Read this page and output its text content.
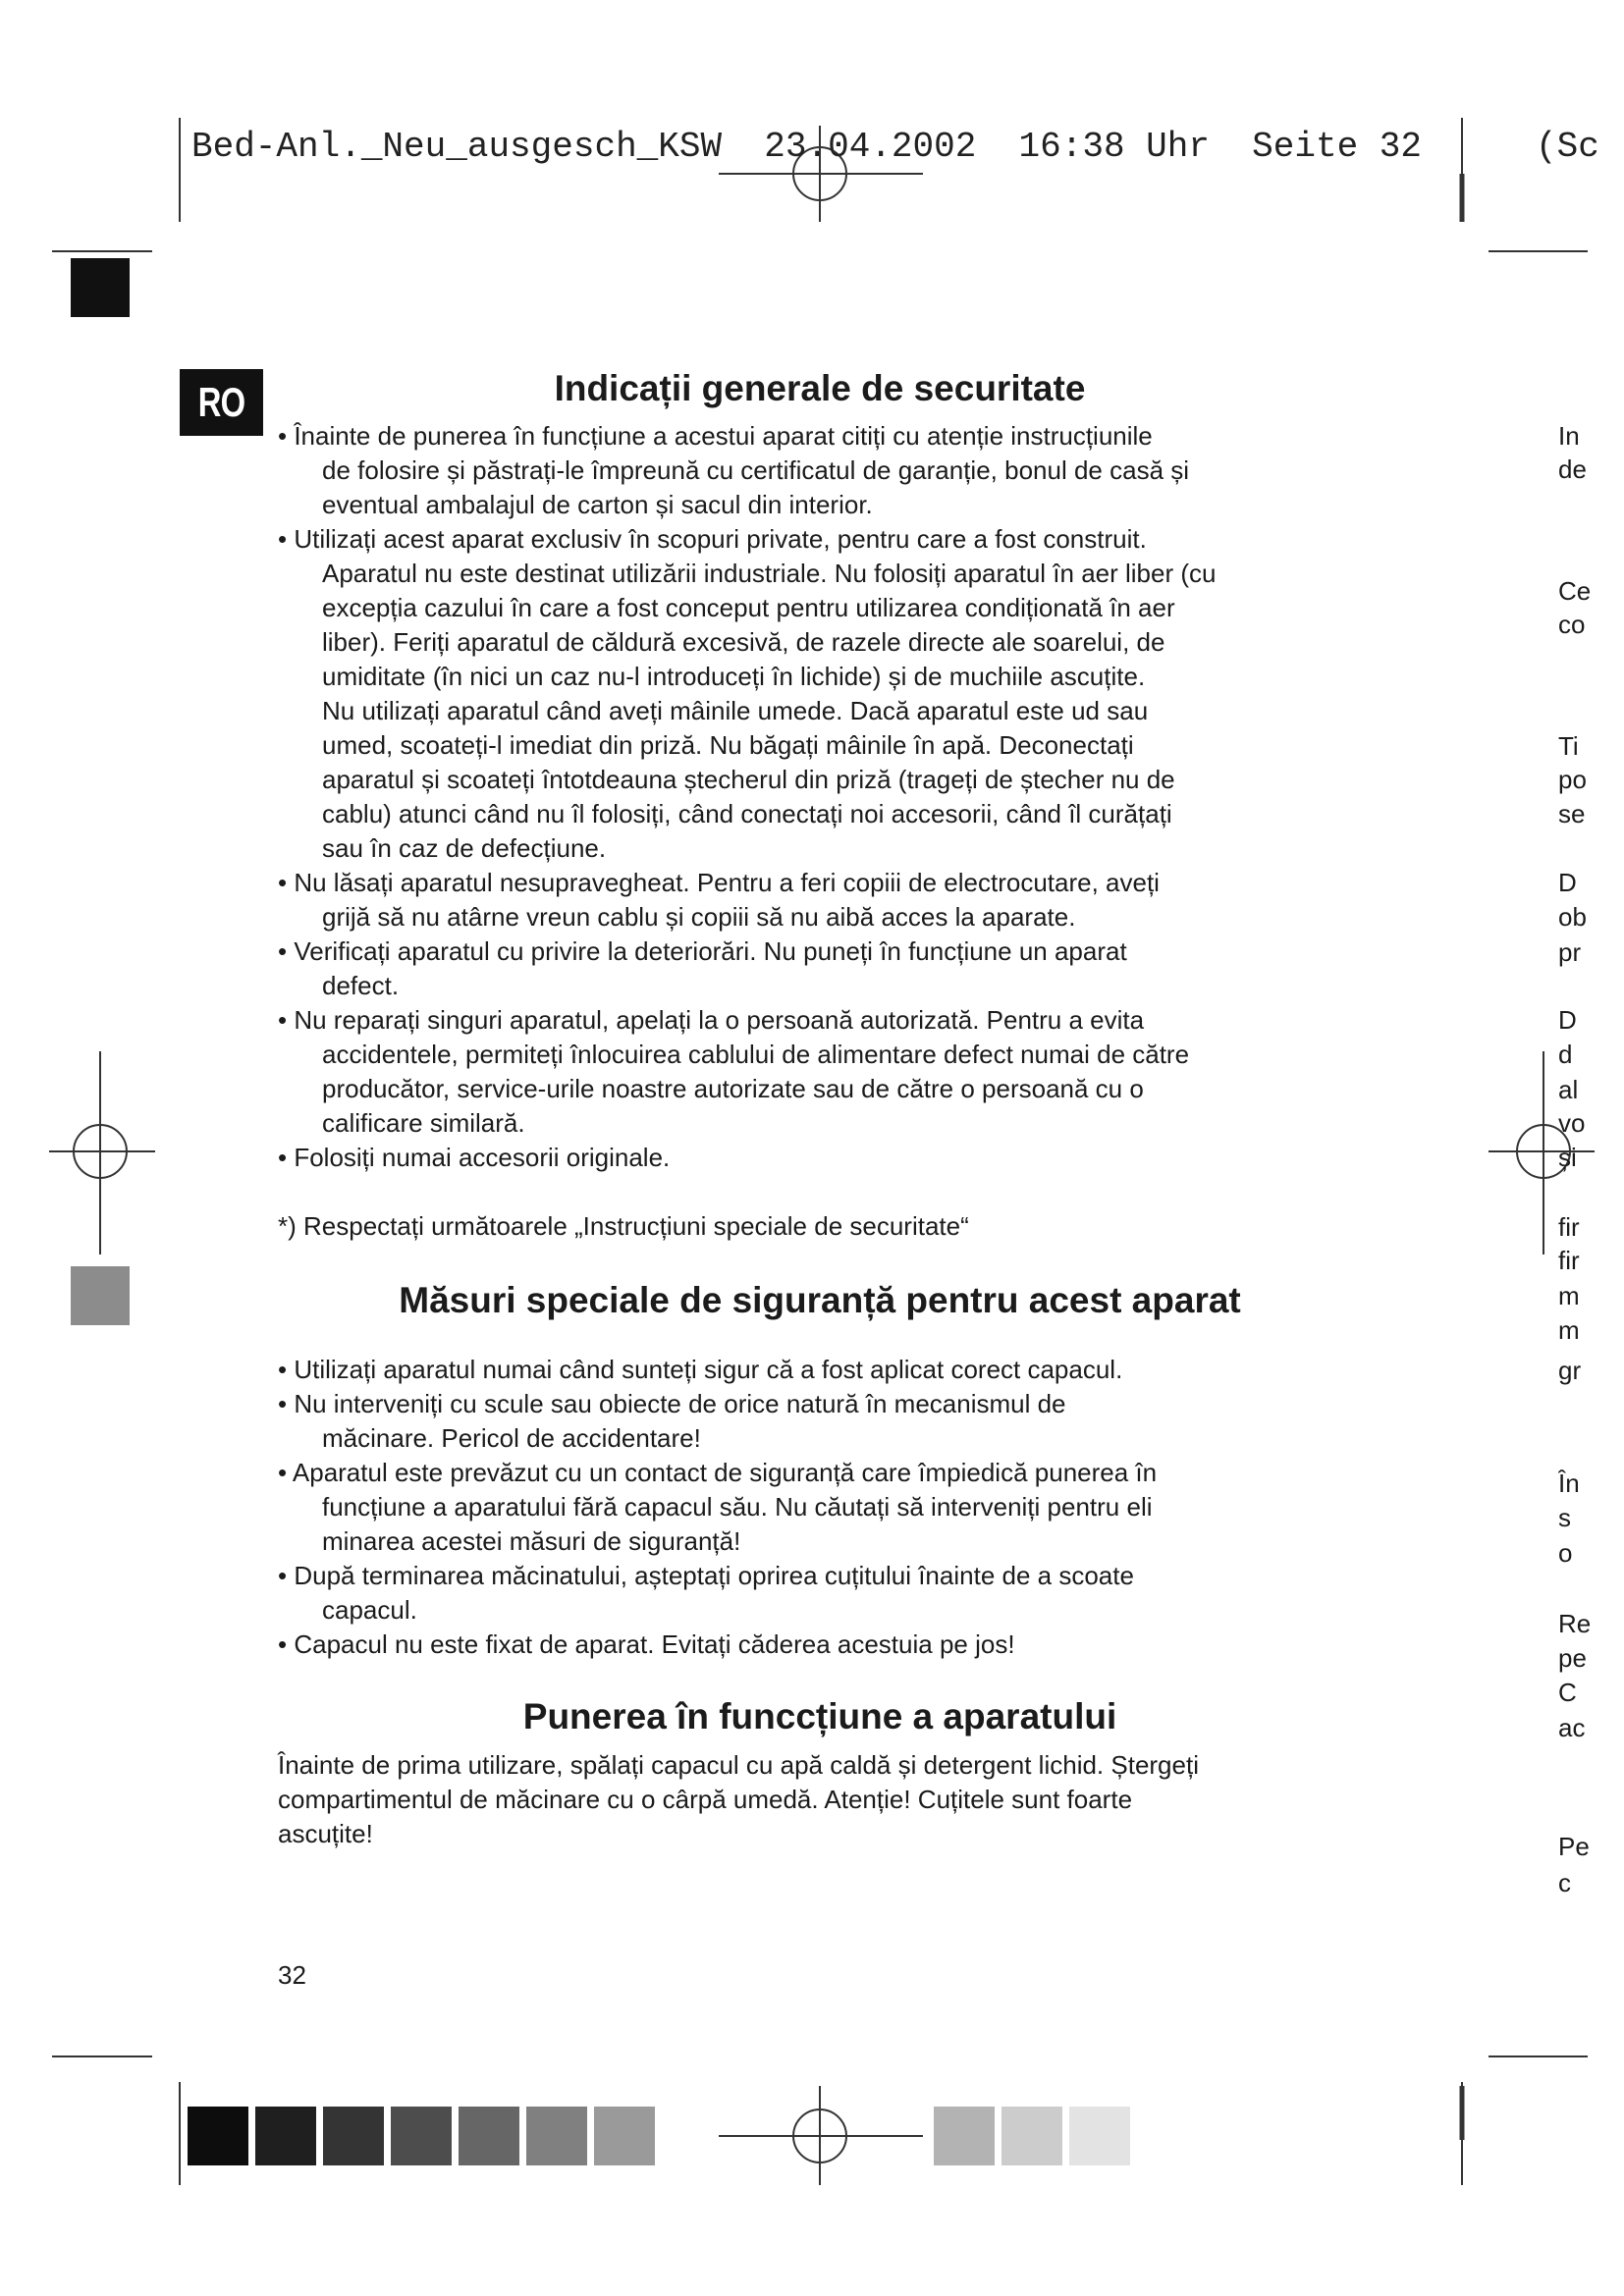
Bed-Anl._Neu_ausgesch_KSW  23.04.2002  16:38 Uhr  Seite 32	(Sc
RO	Indicații generale de securitate
• Înainte de punerea în funcțiune a acestui aparat citiți cu atenție instrucțiunile
de folosire și păstrați-le împreună cu certificatul de garanție, bonul de casă și
eventual ambalajul de carton și sacul din interior.
• Utilizați acest aparat exclusiv în scopuri private, pentru care a fost construit.
Aparatul nu este destinat utilizării industriale. Nu folosiți aparatul în aer liber (cu
excepția cazului în care a fost conceput pentru utilizarea condiționată în aer
liber). Feriți aparatul de căldură excesivă, de razele directe ale soarelui, de
umiditate (în nici un caz nu-l introduceți în lichide) și de muchiile ascuțite.
Nu utilizați aparatul când aveți mâinile umede. Dacă aparatul este ud sau
umed, scoateți-l imediat din priză. Nu băgați mâinile în apă. Deconectați
aparatul și scoateți întotdeauna ștecherul din priză (trageți de ștecher nu de
cablu) atunci când nu îl folosiți, când conectați noi accesorii, când îl curățați
sau în caz de defecțiune.
• Nu lăsați aparatul nesupravegheat. Pentru a feri copiii de electrocutare, aveți
grijă să nu atârne vreun cablu și copiii să nu aibă acces la aparate.
• Verificați aparatul cu privire la deteriorări. Nu puneți în funcțiune un aparat
defect.
• Nu reparați singuri aparatul, apelați la o persoană autorizată. Pentru a evita
accidentele, permiteți înlocuirea cablului de alimentare defect numai de către
producător, service-urile noastre autorizate sau de către o persoană cu o
calificare similară.
• Folosiți numai accesorii originale.
*) Respectați următoarele „Instrucțiuni speciale de securitate“
Măsuri speciale de siguranță pentru acest aparat
• Utilizați aparatul numai când sunteți sigur că a fost aplicat corect capacul.
• Nu interveniți cu scule sau obiecte de orice natură în mecanismul de
măcinare. Pericol de accidentare!
• Aparatul este prevăzut cu un contact de siguranță care împiedică punerea în
funcțiune a aparatului fără capacul său. Nu căutați să interveniți pentru eli
minarea acestei măsuri de siguranță!
• După terminarea măcinatului, așteptați oprirea cuțitului înainte de a scoate
capacul.
• Capacul nu este fixat de aparat. Evitați căderea acestuia pe jos!
Punerea în funccțiune a aparatului
Înainte de prima utilizare, spălați capacul cu apă caldă și detergent lichid. Ștergeți
compartimentul de măcinare cu o cârpă umedă. Atenție! Cuțitele sunt foarte
ascuțite!
32
In
de
Ce
co
Ti
po
se
D
ob
pr
D
d
al
vo
și
fir
fir
m
m
gr
În
s
o
Re
pe
C
ac
Pe
c
